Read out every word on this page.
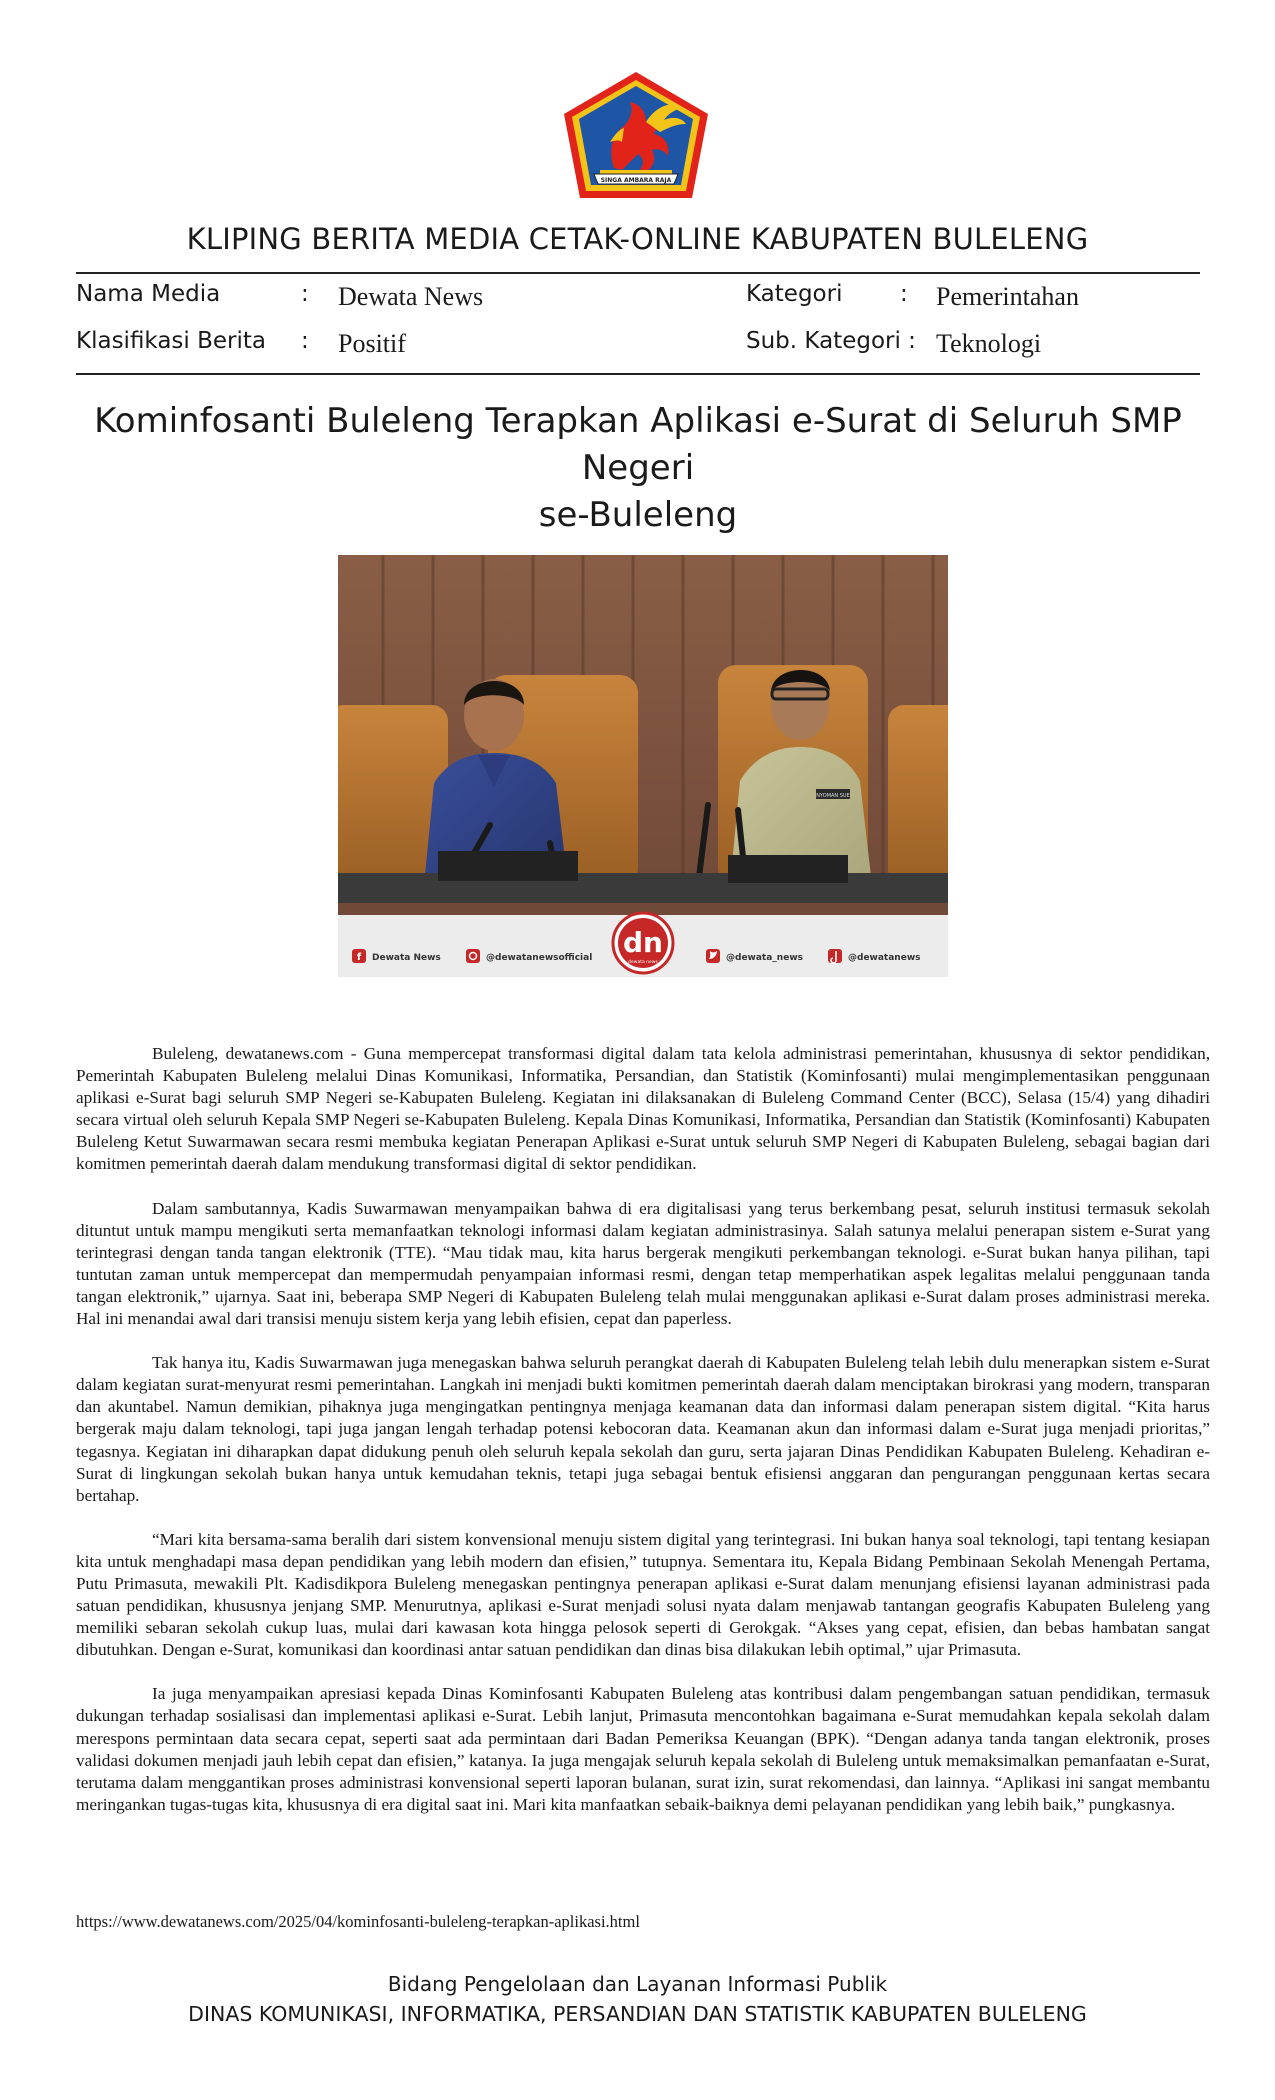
SINGA AMBARA RAJA
KLIPING BERITA MEDIA CETAK-ONLINE KABUPATEN BULELENG
Nama Media	: Dewata News	Kategori	: Pemerintahan
Klasifikasi Berita : Positif	Sub. Kategori : Teknologi
Kominfosanti Buleleng Terapkan Aplikasi e-Surat di Seluruh SMP Negeri
se-Buleleng
NYOMAN SUE
f Dewata News	@dewatanewsofficial	@dewata_news	@dewatanews
dn
dewata news

Buleleng, dewatanews.com - Guna mempercepat transformasi digital dalam tata kelola administrasi pemerintahan, khususnya di sektor pendidikan, Pemerintah Kabupaten Buleleng melalui Dinas Komunikasi, Informatika, Persandian, dan Statistik (Kominfosanti) mulai mengimplementasikan penggunaan aplikasi e-Surat bagi seluruh SMP Negeri se-Kabupaten Buleleng. Kegiatan ini dilaksanakan di Buleleng Command Center (BCC), Selasa (15/4) yang dihadiri secara virtual oleh seluruh Kepala SMP Negeri se-Kabupaten Buleleng. Kepala Dinas Komunikasi, Informatika, Persandian dan Statistik (Kominfosanti) Kabupaten Buleleng Ketut Suwarmawan secara resmi membuka kegiatan Penerapan Aplikasi e-Surat untuk seluruh SMP Negeri di Kabupaten Buleleng, sebagai bagian dari komitmen pemerintah daerah dalam mendukung transformasi digital di sektor pendidikan.

Dalam sambutannya, Kadis Suwarmawan menyampaikan bahwa di era digitalisasi yang terus berkembang pesat, seluruh institusi termasuk sekolah dituntut untuk mampu mengikuti serta memanfaatkan teknologi informasi dalam kegiatan administrasinya. Salah satunya melalui penerapan sistem e-Surat yang terintegrasi dengan tanda tangan elektronik (TTE). “Mau tidak mau, kita harus bergerak mengikuti perkembangan teknologi. e-Surat bukan hanya pilihan, tapi tuntutan zaman untuk mempercepat dan mempermudah penyampaian informasi resmi, dengan tetap memperhatikan aspek legalitas melalui penggunaan tanda tangan elektronik,” ujarnya. Saat ini, beberapa SMP Negeri di Kabupaten Buleleng telah mulai menggunakan aplikasi e-Surat dalam proses administrasi mereka. Hal ini menandai awal dari transisi menuju sistem kerja yang lebih efisien, cepat dan paperless.

Tak hanya itu, Kadis Suwarmawan juga menegaskan bahwa seluruh perangkat daerah di Kabupaten Buleleng telah lebih dulu menerapkan sistem e-Surat dalam kegiatan surat-menyurat resmi pemerintahan. Langkah ini menjadi bukti komitmen pemerintah daerah dalam menciptakan birokrasi yang modern, transparan dan akuntabel. Namun demikian, pihaknya juga mengingatkan pentingnya menjaga keamanan data dan informasi dalam penerapan sistem digital. “Kita harus bergerak maju dalam teknologi, tapi juga jangan lengah terhadap potensi kebocoran data. Keamanan akun dan informasi dalam e-Surat juga menjadi prioritas,” tegasnya. Kegiatan ini diharapkan dapat didukung penuh oleh seluruh kepala sekolah dan guru, serta jajaran Dinas Pendidikan Kabupaten Buleleng. Kehadiran e-Surat di lingkungan sekolah bukan hanya untuk kemudahan teknis, tetapi juga sebagai bentuk efisiensi anggaran dan pengurangan penggunaan kertas secara bertahap.

“Mari kita bersama-sama beralih dari sistem konvensional menuju sistem digital yang terintegrasi. Ini bukan hanya soal teknologi, tapi tentang kesiapan kita untuk menghadapi masa depan pendidikan yang lebih modern dan efisien,” tutupnya. Sementara itu, Kepala Bidang Pembinaan Sekolah Menengah Pertama, Putu Primasuta, mewakili Plt. Kadisdikpora Buleleng menegaskan pentingnya penerapan aplikasi e-Surat dalam menunjang efisiensi layanan administrasi pada satuan pendidikan, khususnya jenjang SMP. Menurutnya, aplikasi e-Surat menjadi solusi nyata dalam menjawab tantangan geografis Kabupaten Buleleng yang memiliki sebaran sekolah cukup luas, mulai dari kawasan kota hingga pelosok seperti di Gerokgak. “Akses yang cepat, efisien, dan bebas hambatan sangat dibutuhkan. Dengan e-Surat, komunikasi dan koordinasi antar satuan pendidikan dan dinas bisa dilakukan lebih optimal,” ujar Primasuta.

Ia juga menyampaikan apresiasi kepada Dinas Kominfosanti Kabupaten Buleleng atas kontribusi dalam pengembangan satuan pendidikan, termasuk dukungan terhadap sosialisasi dan implementasi aplikasi e-Surat. Lebih lanjut, Primasuta mencontohkan bagaimana e-Surat memudahkan kepala sekolah dalam merespons permintaan data secara cepat, seperti saat ada permintaan dari Badan Pemeriksa Keuangan (BPK). “Dengan adanya tanda tangan elektronik, proses validasi dokumen menjadi jauh lebih cepat dan efisien,” katanya. Ia juga mengajak seluruh kepala sekolah di Buleleng untuk memaksimalkan pemanfaatan e-Surat, terutama dalam menggantikan proses administrasi konvensional seperti laporan bulanan, surat izin, surat rekomendasi, dan lainnya. “Aplikasi ini sangat membantu meringankan tugas-tugas kita, khususnya di era digital saat ini. Mari kita manfaatkan sebaik-baiknya demi pelayanan pendidikan yang lebih baik,” pungkasnya.

https://www.dewatanews.com/2025/04/kominfosanti-buleleng-terapkan-aplikasi.html
Bidang Pengelolaan dan Layanan Informasi Publik
DINAS KOMUNIKASI, INFORMATIKA, PERSANDIAN DAN STATISTIK KABUPATEN BULELENG
